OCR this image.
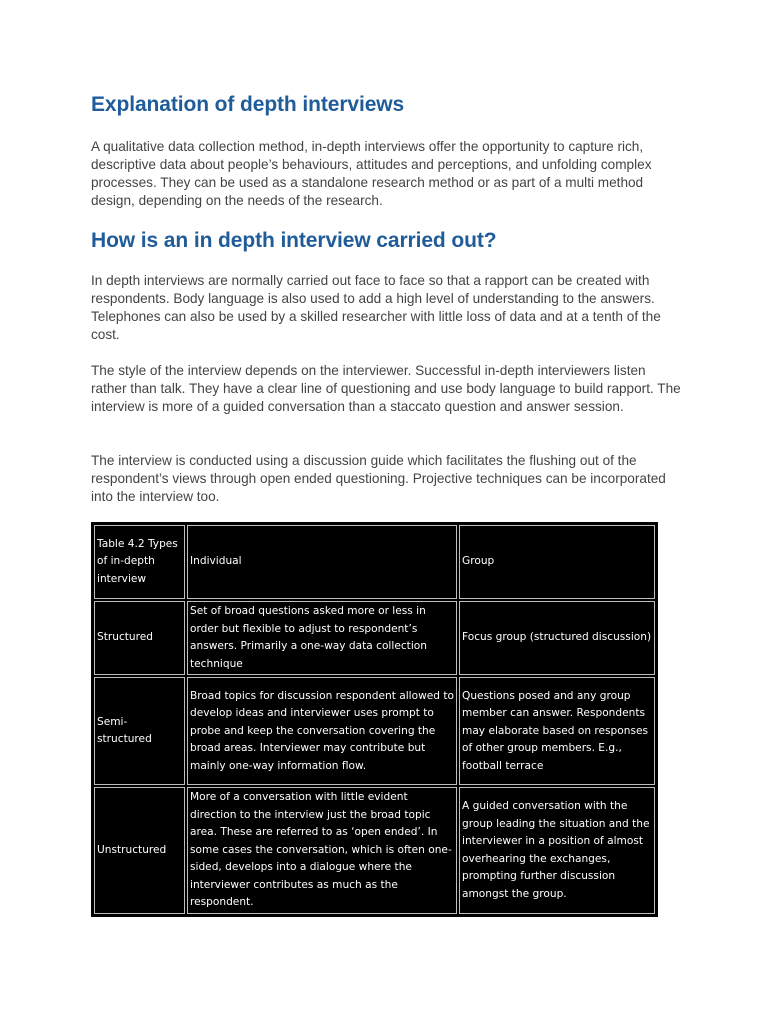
Explanation of depth interviews

A qualitative data collection method, in-depth interviews offer the opportunity to capture rich, descriptive data about people’s behaviours, attitudes and perceptions, and unfolding complex processes. They can be used as a standalone research method or as part of a multi method design, depending on the needs of the research.

How is an in depth interview carried out?

In depth interviews are normally carried out face to face so that a rapport can be created with respondents. Body language is also used to add a high level of understanding to the answers. Telephones can also be used by a skilled researcher with little loss of data and at a tenth of the cost.

The style of the interview depends on the interviewer. Successful in-depth interviewers listen rather than talk. They have a clear line of questioning and use body language to build rapport. The interview is more of a guided conversation than a staccato question and answer session.

The interview is conducted using a discussion guide which facilitates the flushing out of the respondent’s views through open ended questioning. Projective techniques can be incorporated into the interview too.

Table 4.2 Types of in-depth interview	Individual	Group
Structured	Set of broad questions asked more or less in order but flexible to adjust to respondent’s answers. Primarily a one-way data collection technique	Focus group (structured discussion)
Semi-structured	Broad topics for discussion respondent allowed to develop ideas and interviewer uses prompt to probe and keep the conversation covering the broad areas. Interviewer may contribute but mainly one-way information flow.	Questions posed and any group member can answer. Respondents may elaborate based on responses of other group members. E.g., football terrace
Unstructured	More of a conversation with little evident direction to the interview just the broad topic area. These are referred to as ‘open ended’. In some cases the conversation, which is often one-sided, develops into a dialogue where the interviewer contributes as much as the respondent.	A guided conversation with the group leading the situation and the interviewer in a position of almost overhearing the exchanges, prompting further discussion amongst the group.
